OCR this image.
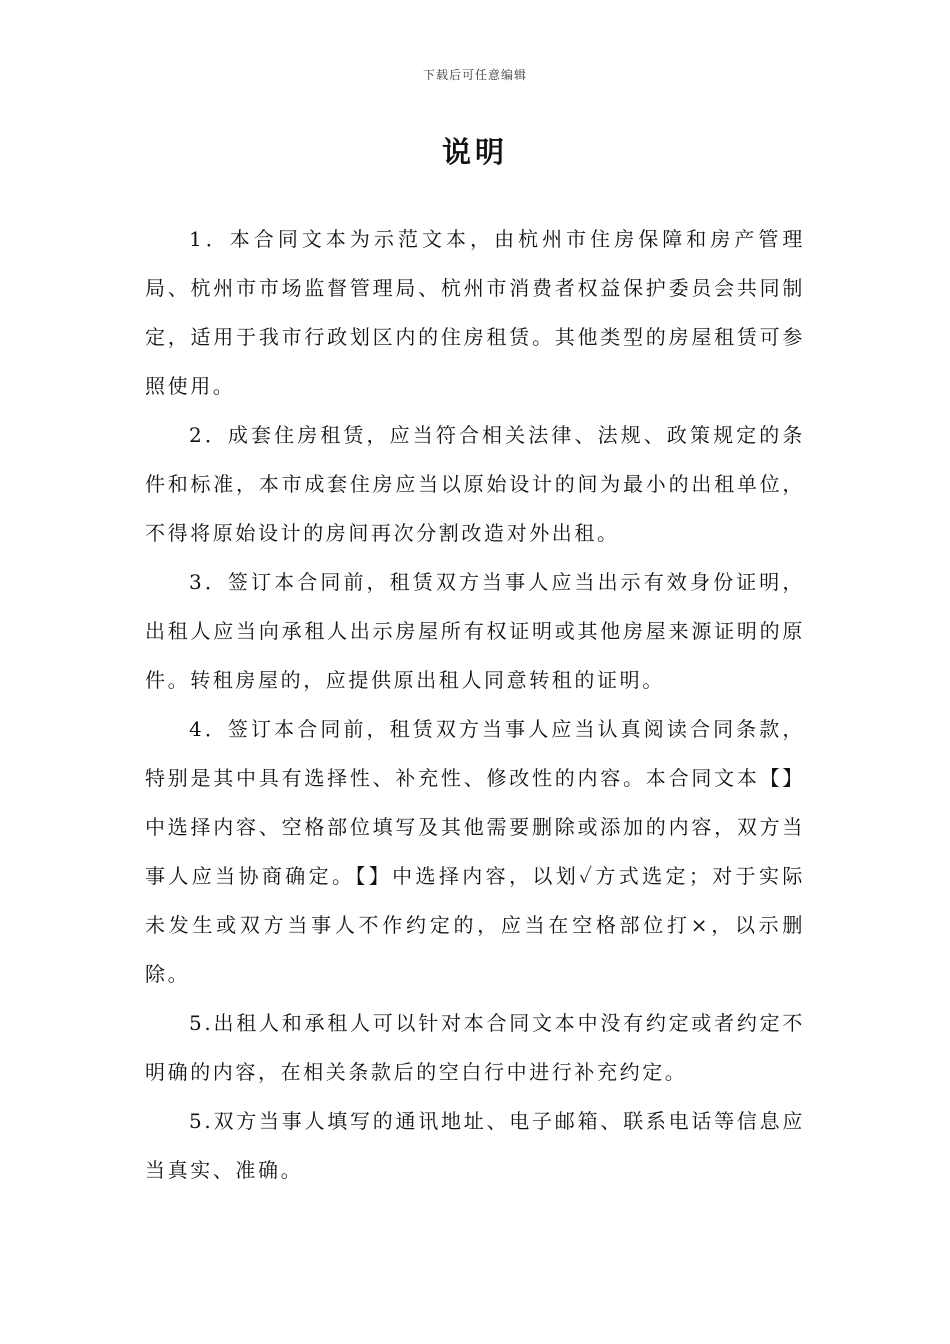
下载后可任意编辑
说明

1．本合同文本为示范文本，由杭州市住房保障和房产管理局、杭州市市场监督管理局、杭州市消费者权益保护委员会共同制定，适用于我市行政划区内的住房租赁。其他类型的房屋租赁可参照使用。

2．成套住房租赁，应当符合相关法律、法规、政策规定的条件和标准，本市成套住房应当以原始设计的间为最小的出租单位，不得将原始设计的房间再次分割改造对外出租。

3．签订本合同前，租赁双方当事人应当出示有效身份证明，出租人应当向承租人出示房屋所有权证明或其他房屋来源证明的原件。转租房屋的，应提供原出租人同意转租的证明。

4．签订本合同前，租赁双方当事人应当认真阅读合同条款，特别是其中具有选择性、补充性、修改性的内容。本合同文本【】中选择内容、空格部位填写及其他需要删除或添加的内容，双方当事人应当协商确定。【】中选择内容，以划✓方式选定；对于实际未发生或双方当事人不作约定的，应当在空格部位打×，以示删除。

5.出租人和承租人可以针对本合同文本中没有约定或者约定不明确的内容，在相关条款后的空白行中进行补充约定。

5.双方当事人填写的通讯地址、电子邮箱、联系电话等信息应当真实、准确。
